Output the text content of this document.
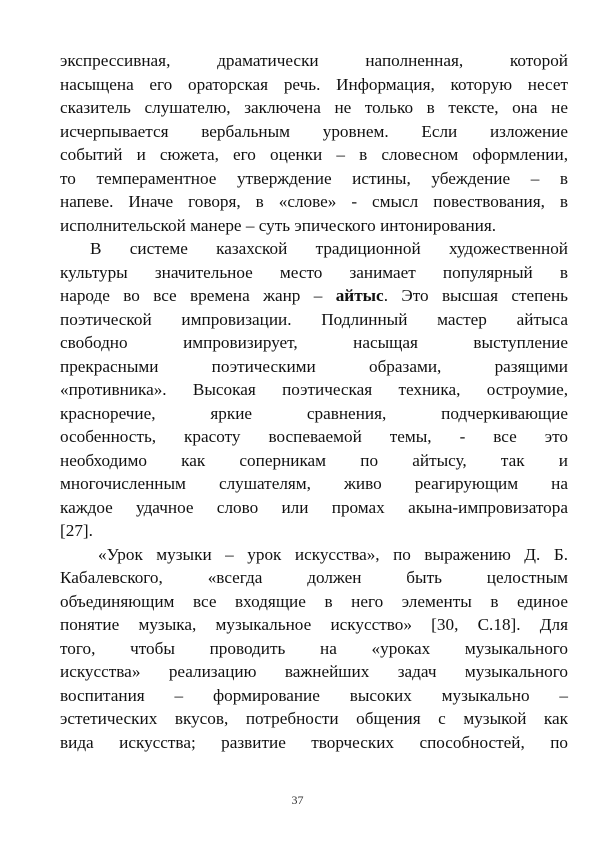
экспрессивная, драматически наполненная, которой
насыщена его ораторская речь. Информация, которую несет
сказитель слушателю, заключена не только в тексте, она не
исчерпывается вербальным уровнем. Если изложение
событий и сюжета, его оценки – в словесном оформлении,
то темпераментное утверждение истины, убеждение – в
напеве. Иначе говоря, в «слове» - смысл повествования, в
исполнительской манере – суть эпического интонирования.
В системе казахской традиционной художественной
культуры значительное место занимает популярный в
народе во все времена жанр – айтыс. Это высшая степень
поэтической импровизации. Подлинный мастер айтыса
свободно импровизирует, насыщая выступление
прекрасными поэтическими образами, разящими
«противника». Высокая поэтическая техника, остроумие,
красноречие, яркие сравнения, подчеркивающие
особенность, красоту воспеваемой темы, - все это
необходимо как соперникам по айтысу, так и
многочисленным слушателям, живо реагирующим на
каждое удачное слово или промах акына-импровизатора
[27].
«Урок музыки – урок искусства», по выражению Д. Б.
Кабалевского, «всегда должен быть целостным
объединяющим все входящие в него элементы в единое
понятие музыка, музыкальное искусство» [30, С.18]. Для
того, чтобы проводить на «уроках музыкального
искусства» реализацию важнейших задач музыкального
воспитания – формирование высоких музыкально –
эстетических вкусов, потребности общения с музыкой как
вида искусства; развитие творческих способностей, по
37
